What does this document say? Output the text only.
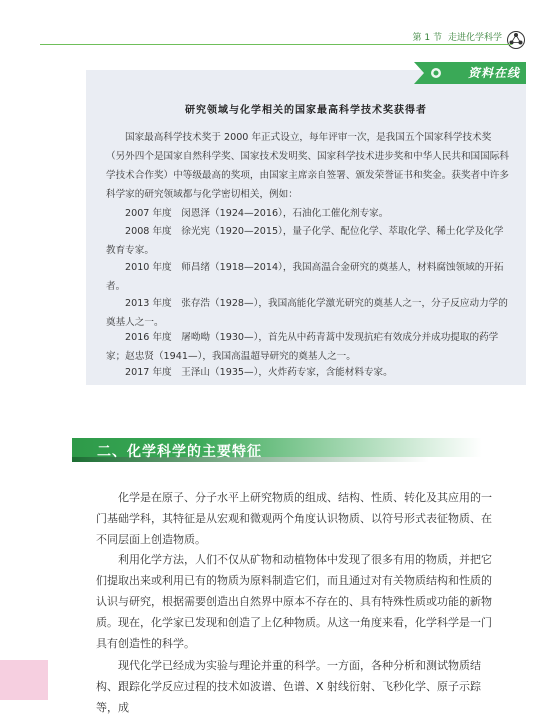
第 1 节 走进化学科学
资料在线
研究领域与化学相关的国家最高科学技术奖获得者

国家最高科学技术奖于 2000 年正式设立，每年评审一次，是我国五个国家科学技术奖（另外四个是国家自然科学奖、国家技术发明奖、国家科学技术进步奖和中华人民共和国国际科学技术合作奖）中等级最高的奖项，由国家主席亲自签署、颁发荣誉证书和奖金。获奖者中许多科学家的研究领域都与化学密切相关，例如：

2007 年度　闵恩泽（1924—2016），石油化工催化剂专家。

2008 年度　徐光宪（1920—2015），量子化学、配位化学、萃取化学、稀土化学及化学教育专家。

2010 年度　师昌绪（1918—2014），我国高温合金研究的奠基人，材料腐蚀领域的开拓者。

2013 年度　张存浩（1928—），我国高能化学激光研究的奠基人之一，分子反应动力学的奠基人之一。

2016 年度　屠呦呦（1930—），首先从中药青蒿中发现抗疟有效成分并成功提取的药学家；赵忠贤（1941—），我国高温超导研究的奠基人之一。

2017 年度　王泽山（1935—），火炸药专家，含能材料专家。

二、化学科学的主要特征

化学是在原子、分子水平上研究物质的组成、结构、性质、转化及其应用的一门基础学科，其特征是从宏观和微观两个角度认识物质、以符号形式表征物质、在不同层面上创造物质。

利用化学方法，人们不仅从矿物和动植物体中发现了很多有用的物质，并把它们提取出来或利用已有的物质为原料制造它们，而且通过对有关物质结构和性质的认识与研究，根据需要创造出自然界中原本不存在的、具有特殊性质或功能的新物质。现在，化学家已发现和创造了上亿种物质。从这一角度来看，化学科学是一门具有创造性的科学。

现代化学已经成为实验与理论并重的科学。一方面，各种分析和测试物质结构、跟踪化学反应过程的技术如波谱、色谱、X 射线衍射、飞秒化学、原子示踪等，成
